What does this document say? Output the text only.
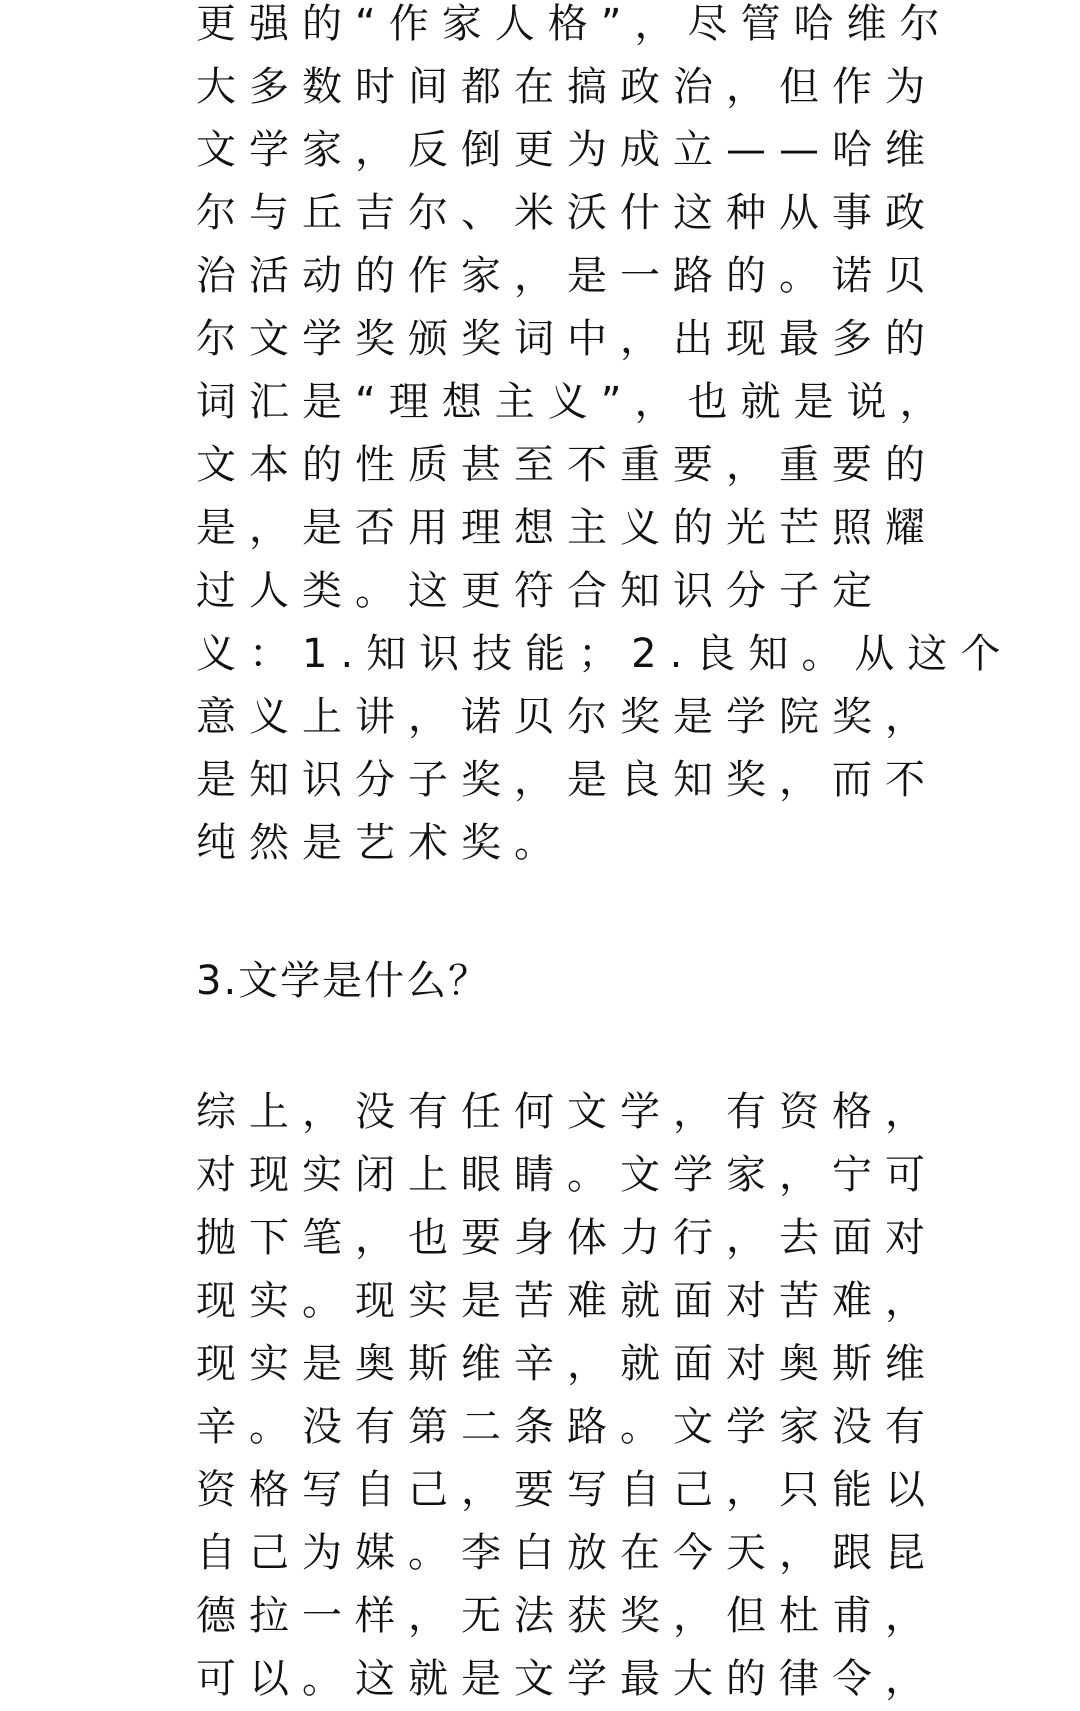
更强的“作家人格”，尽管哈维尔
大多数时间都在搞政治，但作为
文学家，反倒更为成立——哈维
尔与丘吉尔、米沃什这种从事政
治活动的作家，是一路的。诺贝
尔文学奖颁奖词中，出现最多的
词汇是“理想主义”，也就是说，
文本的性质甚至不重要，重要的
是，是否用理想主义的光芒照耀
过人类。这更符合知识分子定
义：1.知识技能；2.良知。从这个
意义上讲，诺贝尔奖是学院奖，
是知识分子奖，是良知奖，而不
纯然是艺术奖。
3.文学是什么？
综上，没有任何文学，有资格，
对现实闭上眼睛。文学家，宁可
抛下笔，也要身体力行，去面对
现实。现实是苦难就面对苦难，
现实是奥斯维辛，就面对奥斯维
辛。没有第二条路。文学家没有
资格写自己，要写自己，只能以
自己为媒。李白放在今天，跟昆
德拉一样，无法获奖，但杜甫，
可以。这就是文学最大的律令，
